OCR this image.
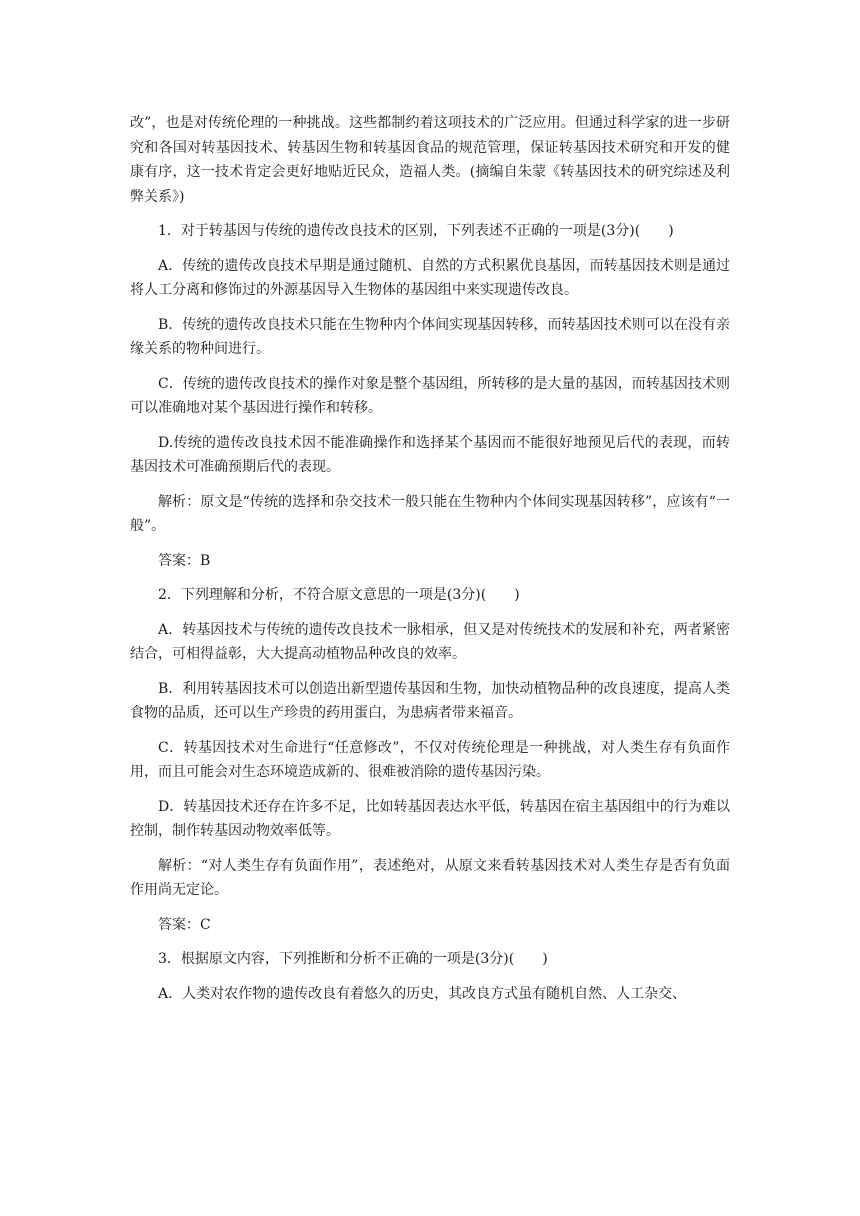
改”，也是对传统伦理的一种挑战。这些都制约着这项技术的广泛应用。但通过科学家的进一步研究和各国对转基因技术、转基因生物和转基因食品的规范管理，保证转基因技术研究和开发的健康有序，这一技术肯定会更好地贴近民众，造福人类。(摘编自朱蒙《转基因技术的研究综述及利弊关系》)

1．对于转基因与传统的遗传改良技术的区别，下列表述不正确的一项是(3分)(　　)

A．传统的遗传改良技术早期是通过随机、自然的方式积累优良基因，而转基因技术则是通过将人工分离和修饰过的外源基因导入生物体的基因组中来实现遗传改良。

B．传统的遗传改良技术只能在生物种内个体间实现基因转移，而转基因技术则可以在没有亲缘关系的物种间进行。

C．传统的遗传改良技术的操作对象是整个基因组，所转移的是大量的基因，而转基因技术则可以准确地对某个基因进行操作和转移。

D.传统的遗传改良技术因不能准确操作和选择某个基因而不能很好地预见后代的表现，而转基因技术可准确预期后代的表现。

解析：原文是“传统的选择和杂交技术一般只能在生物种内个体间实现基因转移”，应该有“一般”。

答案：B

2．下列理解和分析，不符合原文意思的一项是(3分)(　　)

A．转基因技术与传统的遗传改良技术一脉相承，但又是对传统技术的发展和补充，两者紧密结合，可相得益彰，大大提高动植物品种改良的效率。

B．利用转基因技术可以创造出新型遗传基因和生物，加快动植物品种的改良速度，提高人类食物的品质，还可以生产珍贵的药用蛋白，为患病者带来福音。

C．转基因技术对生命进行“任意修改”，不仅对传统伦理是一种挑战，对人类生存有负面作用，而且可能会对生态环境造成新的、很难被消除的遗传基因污染。

D．转基因技术还存在许多不足，比如转基因表达水平低，转基因在宿主基因组中的行为难以控制，制作转基因动物效率低等。

解析：“对人类生存有负面作用”，表述绝对，从原文来看转基因技术对人类生存是否有负面作用尚无定论。

答案：C

3．根据原文内容，下列推断和分析不正确的一项是(3分)(　　)

A．人类对农作物的遗传改良有着悠久的历史，其改良方式虽有随机自然、人工杂交、
